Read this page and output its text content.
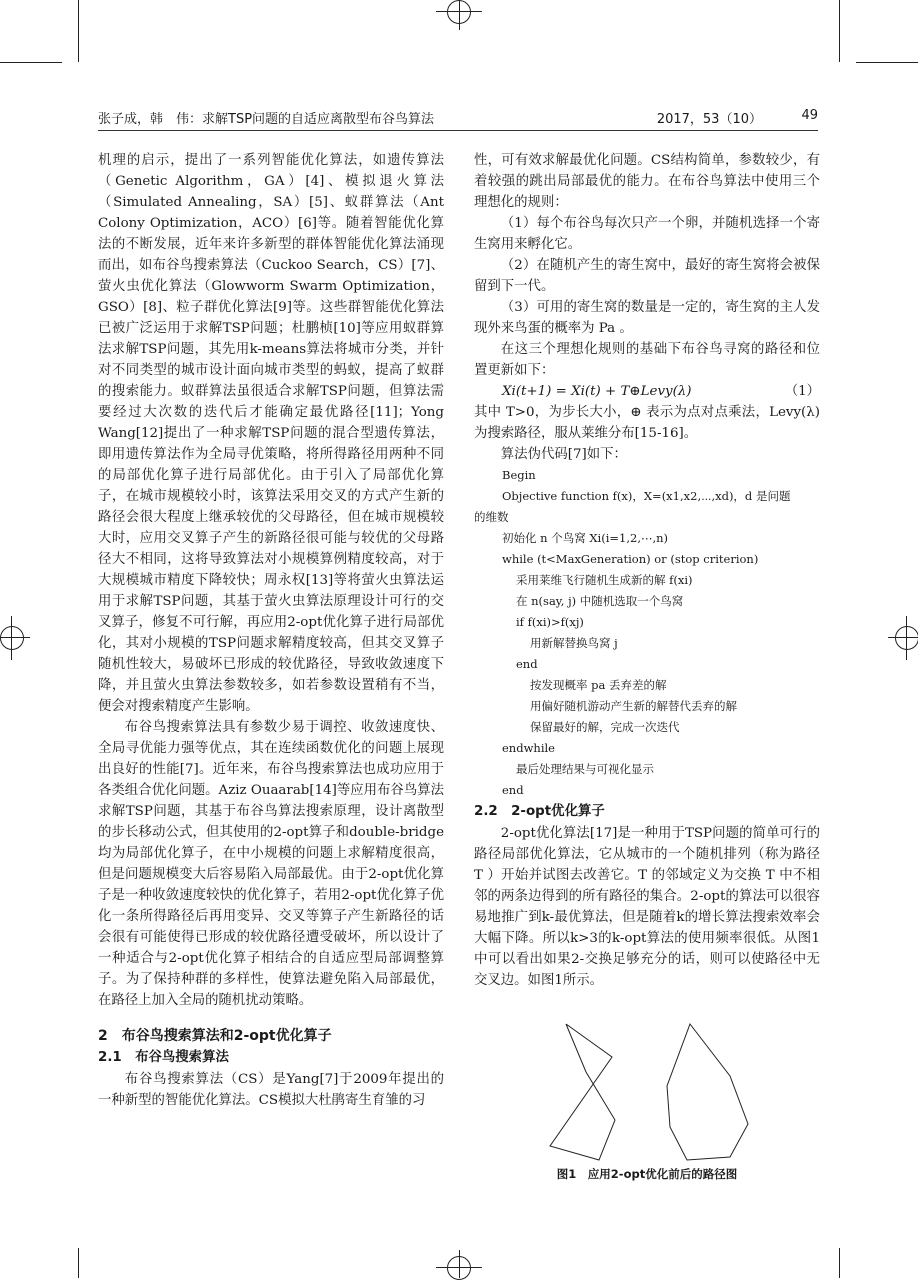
张子成，韩　伟：求解TSP问题的自适应离散型布谷鸟算法	2017，53（10）	49

机理的启示，提出了一系列智能优化算法，如遗传算法（Genetic Algorithm，GA）[4]、模拟退火算法（Simulated Annealing，SA）[5]、蚁群算法（Ant Colony Optimization，ACO）[6]等。随着智能优化算法的不断发展，近年来许多新型的群体智能优化算法涌现而出，如布谷鸟搜索算法（Cuckoo Search，CS）[7]、萤火虫优化算法（Glowworm Swarm Optimization，GSO）[8]、粒子群优化算法[9]等。这些群智能优化算法已被广泛运用于求解TSP问题；杜鹏桢[10]等应用蚁群算法求解TSP问题，其先用k-means算法将城市分类，并针对不同类型的城市设计面向城市类型的蚂蚁，提高了蚁群的搜索能力。蚁群算法虽很适合求解TSP问题，但算法需要经过大次数的迭代后才能确定最优路径[11]；Yong Wang[12]提出了一种求解TSP问题的混合型遗传算法，即用遗传算法作为全局寻优策略，将所得路径用两种不同的局部优化算子进行局部优化。由于引入了局部优化算子，在城市规模较小时，该算法采用交叉的方式产生新的路径会很大程度上继承较优的父母路径，但在城市规模较大时，应用交叉算子产生的新路径很可能与较优的父母路径大不相同，这将导致算法对小规模算例精度较高，对于大规模城市精度下降较快；周永权[13]等将萤火虫算法运用于求解TSP问题，其基于萤火虫算法原理设计可行的交叉算子，修复不可行解，再应用2-opt优化算子进行局部优化，其对小规模的TSP问题求解精度较高，但其交叉算子随机性较大，易破坏已形成的较优路径，导致收敛速度下降，并且萤火虫算法参数较多，如若参数设置稍有不当，便会对搜索精度产生影响。

布谷鸟搜索算法具有参数少易于调控、收敛速度快、全局寻优能力强等优点，其在连续函数优化的问题上展现出良好的性能[7]。近年来，布谷鸟搜索算法也成功应用于各类组合优化问题。Aziz Ouaarab[14]等应用布谷鸟算法求解TSP问题，其基于布谷鸟算法搜索原理，设计离散型的步长移动公式，但其使用的2-opt算子和double-bridge均为局部优化算子，在中小规模的问题上求解精度很高，但是问题规模变大后容易陷入局部最优。由于2-opt优化算子是一种收敛速度较快的优化算子，若用2-opt优化算子优化一条所得路径后再用变异、交叉等算子产生新路径的话会很有可能使得已形成的较优路径遭受破坏，所以设计了一种适合与2-opt优化算子相结合的自适应型局部调整算子。为了保持种群的多样性，使算法避免陷入局部最优，在路径上加入全局的随机扰动策略。

2　布谷鸟搜索算法和2-opt优化算子

2.1　布谷鸟搜索算法

布谷鸟搜索算法（CS）是Yang[7]于2009年提出的一种新型的智能优化算法。CS模拟大杜鹃寄生育雏的习

性，可有效求解最优化问题。CS结构简单，参数较少，有着较强的跳出局部最优的能力。在布谷鸟算法中使用三个理想化的规则：

（1）每个布谷鸟每次只产一个卵，并随机选择一个寄生窝用来孵化它。

（2）在随机产生的寄生窝中，最好的寄生窝将会被保留到下一代。

（3）可用的寄生窝的数量是一定的，寄生窝的主人发现外来鸟蛋的概率为 Pa 。

在这三个理想化规则的基础下布谷鸟寻窝的路径和位置更新如下：

Xi(t+1) = Xi(t) + T⊕Levy(λ)	（1）

其中 T>0，为步长大小，⊕ 表示为点对点乘法，Levy(λ) 为搜索路径，服从莱维分布[15-16]。

算法伪代码[7]如下：

Begin

Objective function f(x)，X=(x1,x2,⋯,xd)，d 是问题

的维数

初始化 n 个鸟窝 Xi(i=1,2,⋯,n)

while (t<MaxGeneration) or (stop criterion)

采用莱维飞行随机生成新的解 f(xi)

在 n(say, j) 中随机选取一个鸟窝

if f(xi)>f(xj)

用新解替换鸟窝 j

end

按发现概率 pa 丢弃差的解

用偏好随机游动产生新的解替代丢弃的解

保留最好的解，完成一次迭代

endwhile

最后处理结果与可视化显示

end

2.2　2-opt优化算子

2-opt优化算法[17]是一种用于TSP问题的简单可行的路径局部优化算法，它从城市的一个随机排列（称为路径 T ）开始并试图去改善它。T 的邻域定义为交换 T 中不相邻的两条边得到的所有路径的集合。2-opt的算法可以很容易地推广到k-最优算法，但是随着k的增长算法搜索效率会大幅下降。所以k>3的k-opt算法的使用频率很低。从图1中可以看出如果2-交换足够充分的话，则可以使路径中无交叉边。如图1所示。

图1　应用2-opt优化前后的路径图
